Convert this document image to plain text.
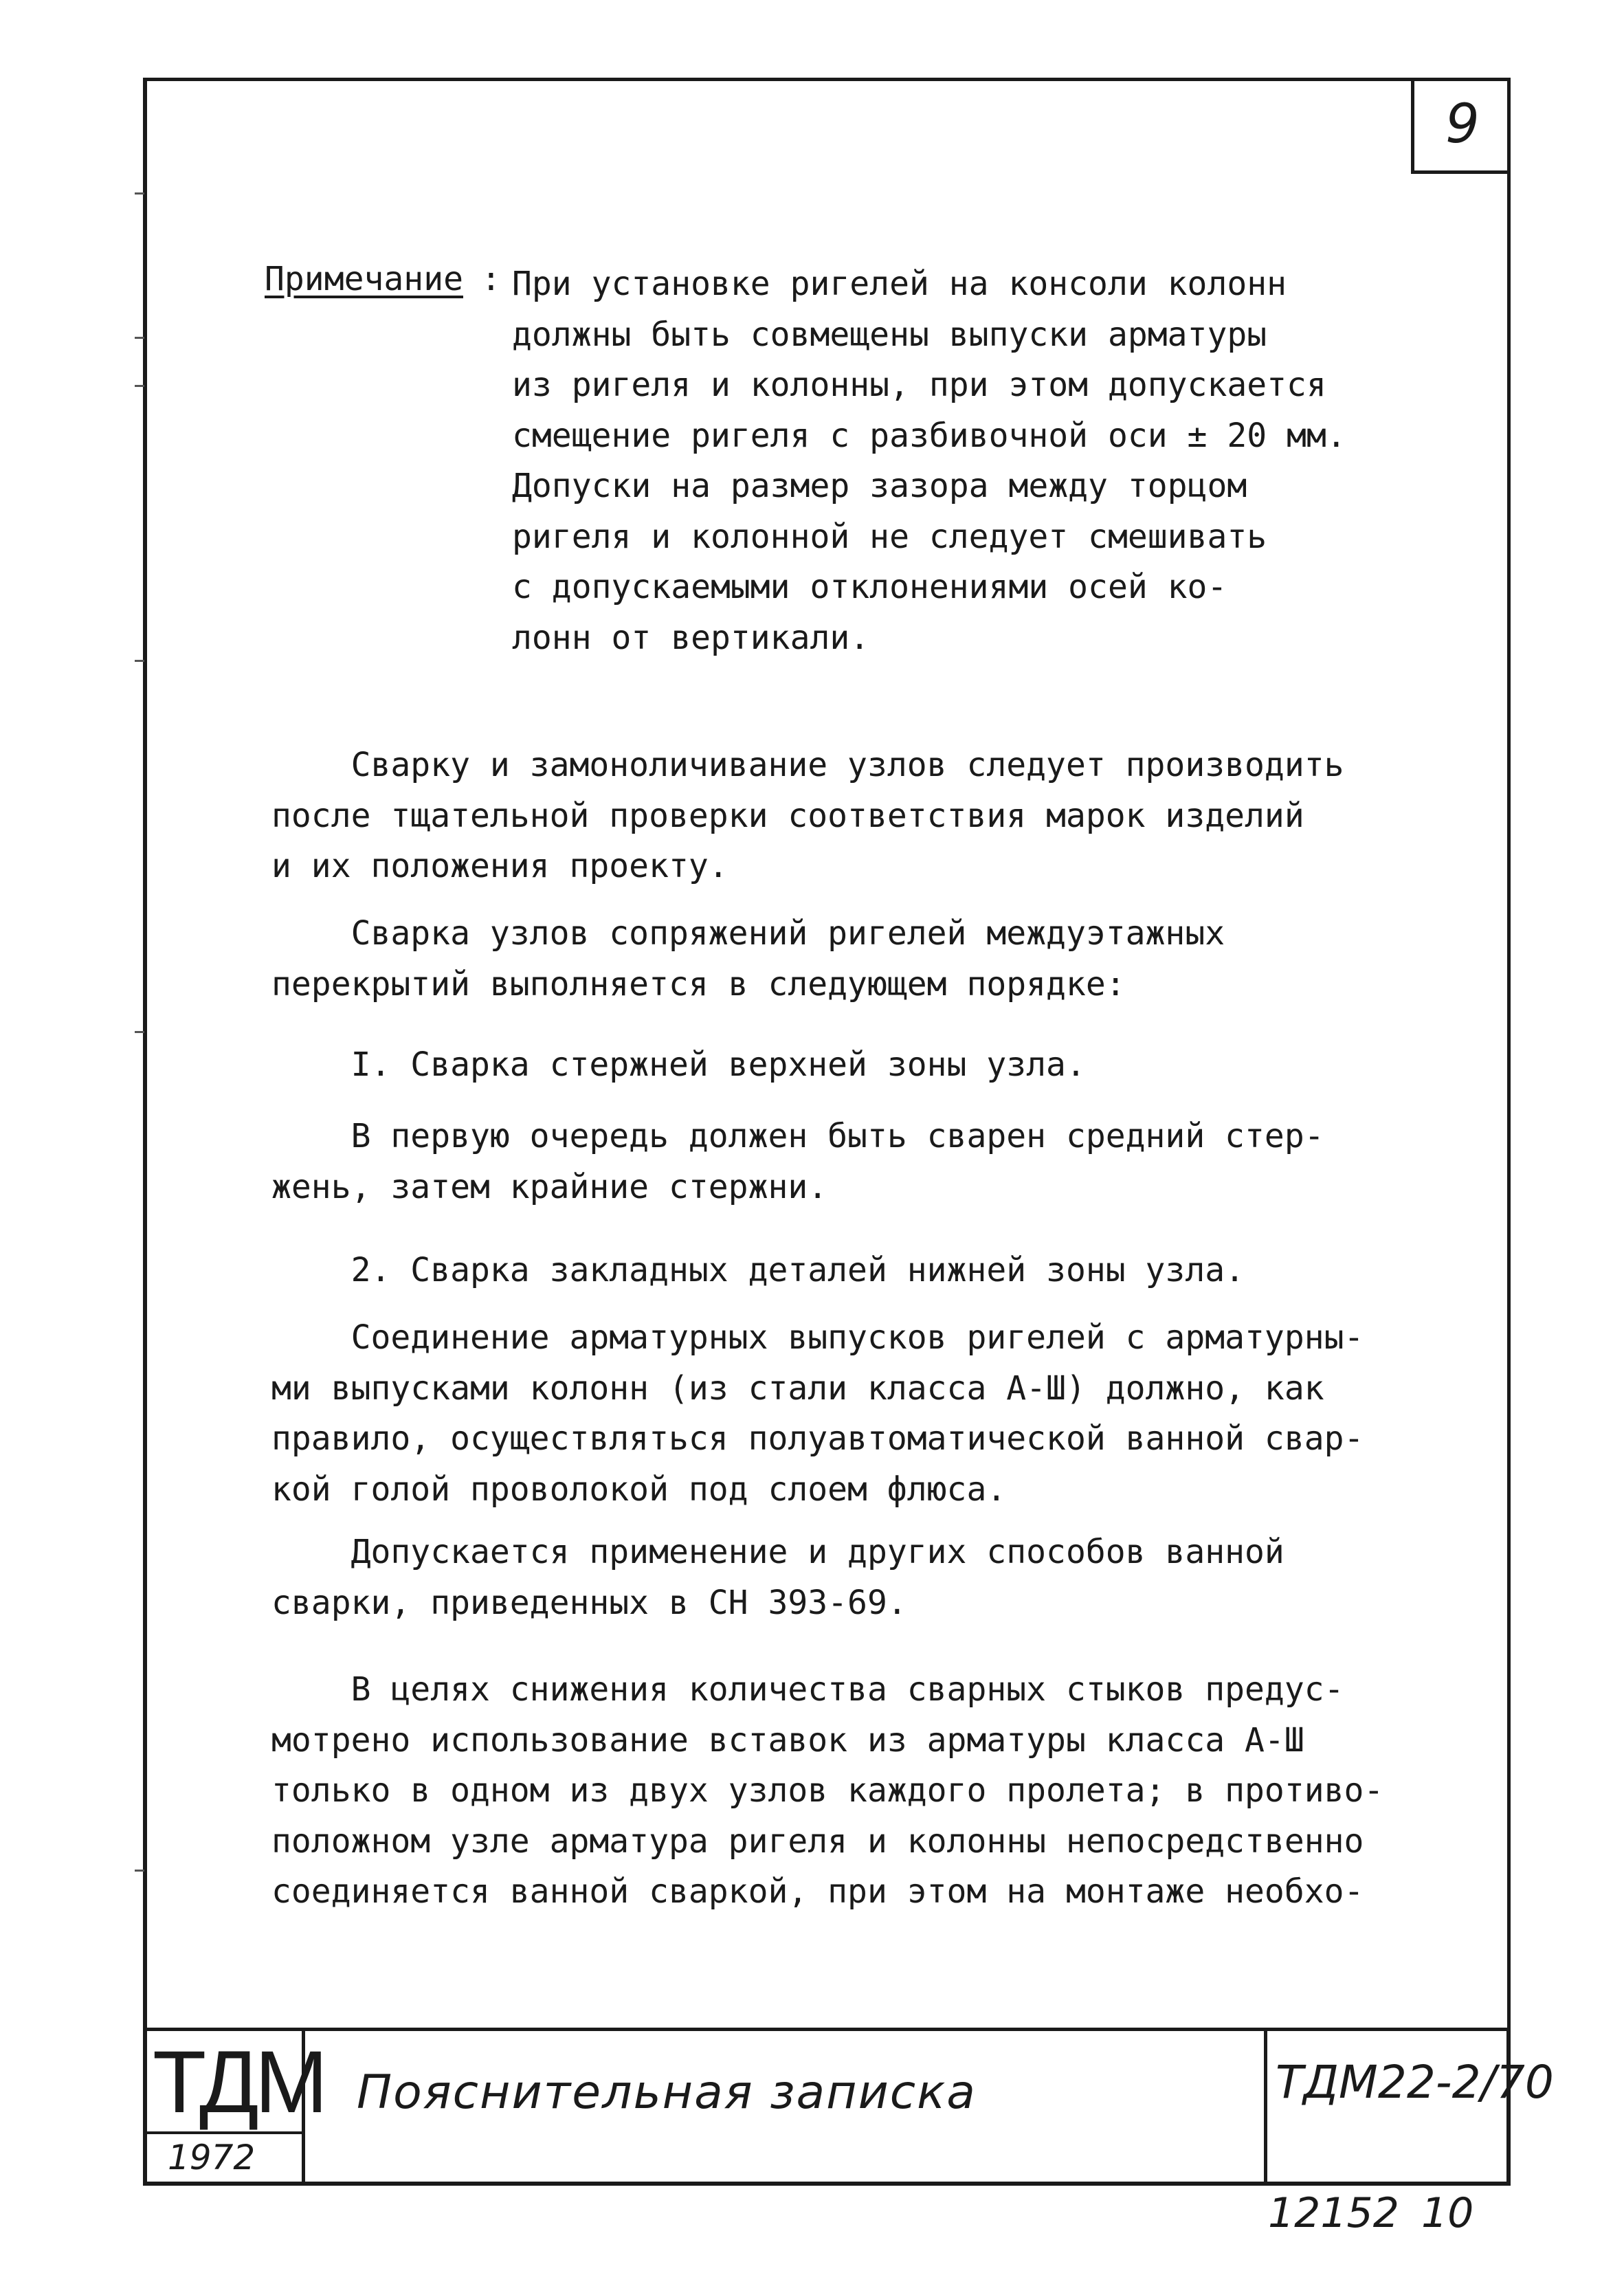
9
Примечание : При установке ригелей на консоли колонн
должны быть совмещены выпуски арматуры
из ригеля и колонны, при этом допускается
смещение ригеля с разбивочной оси ± 20 мм.
Допуски на размер зазора между торцом
ригеля и колонной не следует смешивать
с допускаемыми отклонениями осей ко-
лонн от вертикали.

Сварку и замоноличивание узлов следует производить
после тщательной проверки соответствия марок изделий
и их положения проекту.

Сварка узлов сопряжений ригелей междуэтажных
перекрытий выполняется в следующем порядке:

I. Сварка стержней верхней зоны узла.

В первую очередь должен быть сварен средний стер-
жень, затем крайние стержни.

2. Сварка закладных деталей нижней зоны узла.

Соединение арматурных выпусков ригелей с арматурны-
ми выпусками колонн (из стали класса А-Ш) должно, как
правило, осуществляться полуавтоматической ванной свар-
кой голой проволокой под слоем флюса.

Допускается применение и других способов ванной
сварки, приведенных в СН 393-69.

В целях снижения количества сварных стыков предус-
мотрено использование вставок из арматуры класса А-Ш
только в одном из двух узлов каждого пролета; в противо-
положном узле арматура ригеля и колонны непосредственно
соединяется ванной сваркой, при этом на монтаже необхо-

ТДМ
1972
Пояснительная записка	ТДМ22-2/70
12152 10
